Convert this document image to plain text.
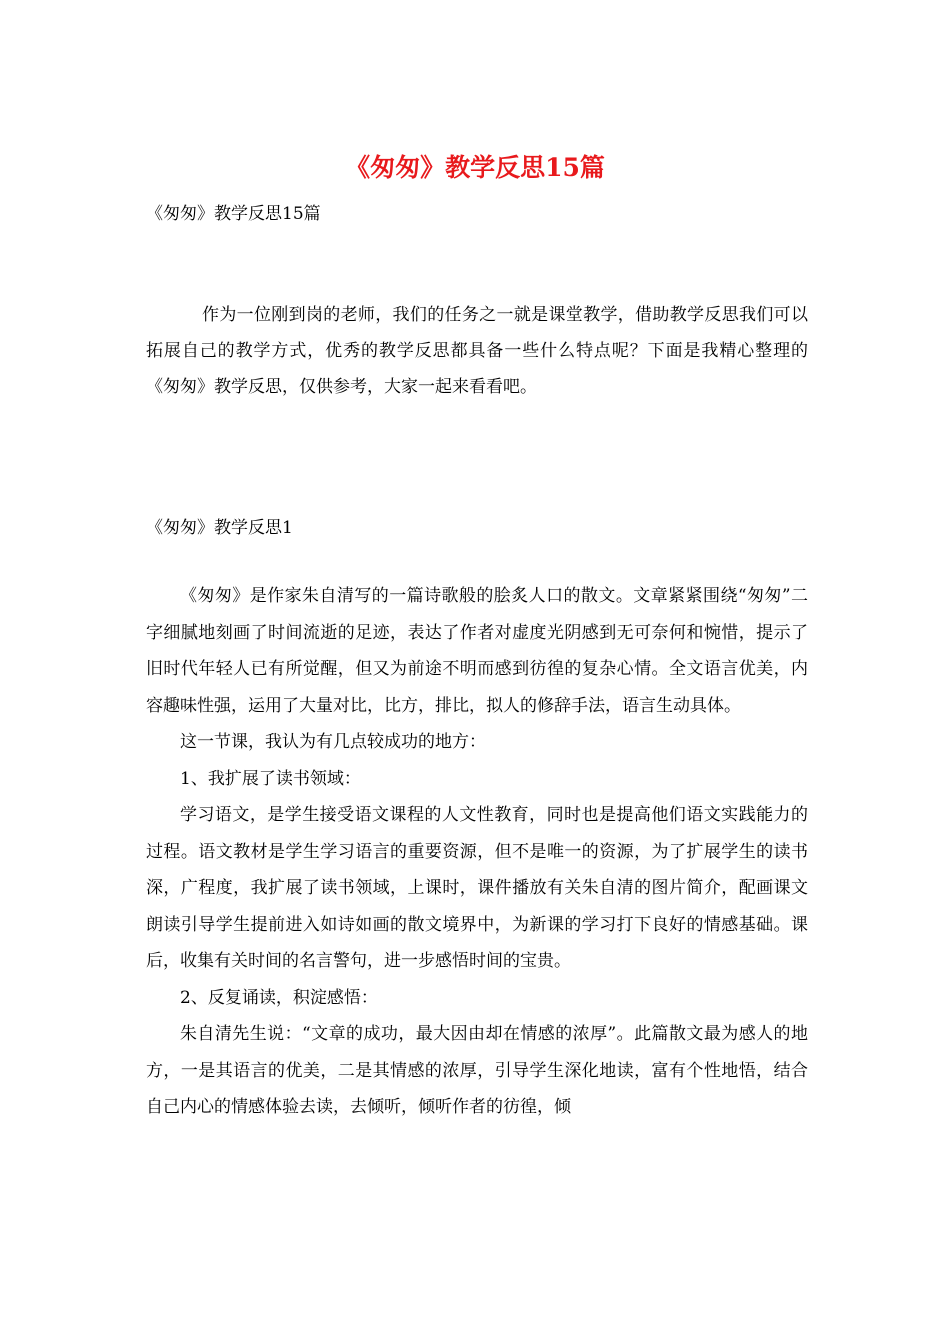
《匆匆》教学反思15篇

《匆匆》教学反思15篇

作为一位刚到岗的老师，我们的任务之一就是课堂教学，借助教学反思我们可以拓展自己的教学方式，优秀的教学反思都具备一些什么特点呢？下面是我精心整理的《匆匆》教学反思，仅供参考，大家一起来看看吧。

《匆匆》教学反思1

《匆匆》是作家朱自清写的一篇诗歌般的脍炙人口的散文。文章紧紧围绕“匆匆”二字细腻地刻画了时间流逝的足迹，表达了作者对虚度光阴感到无可奈何和惋惜，提示了旧时代年轻人已有所觉醒，但又为前途不明而感到彷徨的复杂心情。全文语言优美，内容趣味性强，运用了大量对比，比方，排比，拟人的修辞手法，语言生动具体。

这一节课，我认为有几点较成功的地方：

1、我扩展了读书领域：

学习语文，是学生接受语文课程的人文性教育，同时也是提高他们语文实践能力的过程。语文教材是学生学习语言的重要资源，但不是唯一的资源，为了扩展学生的读书深，广程度，我扩展了读书领域，上课时，课件播放有关朱自清的图片简介，配画课文朗读引导学生提前进入如诗如画的散文境界中，为新课的学习打下良好的情感基础。课后，收集有关时间的名言警句，进一步感悟时间的宝贵。

2、反复诵读，积淀感悟：

朱自清先生说：“文章的成功，最大因由却在情感的浓厚”。此篇散文最为感人的地方，一是其语言的优美，二是其情感的浓厚，引导学生深化地读，富有个性地悟，结合自己内心的情感体验去读，去倾听，倾听作者的彷徨，倾
